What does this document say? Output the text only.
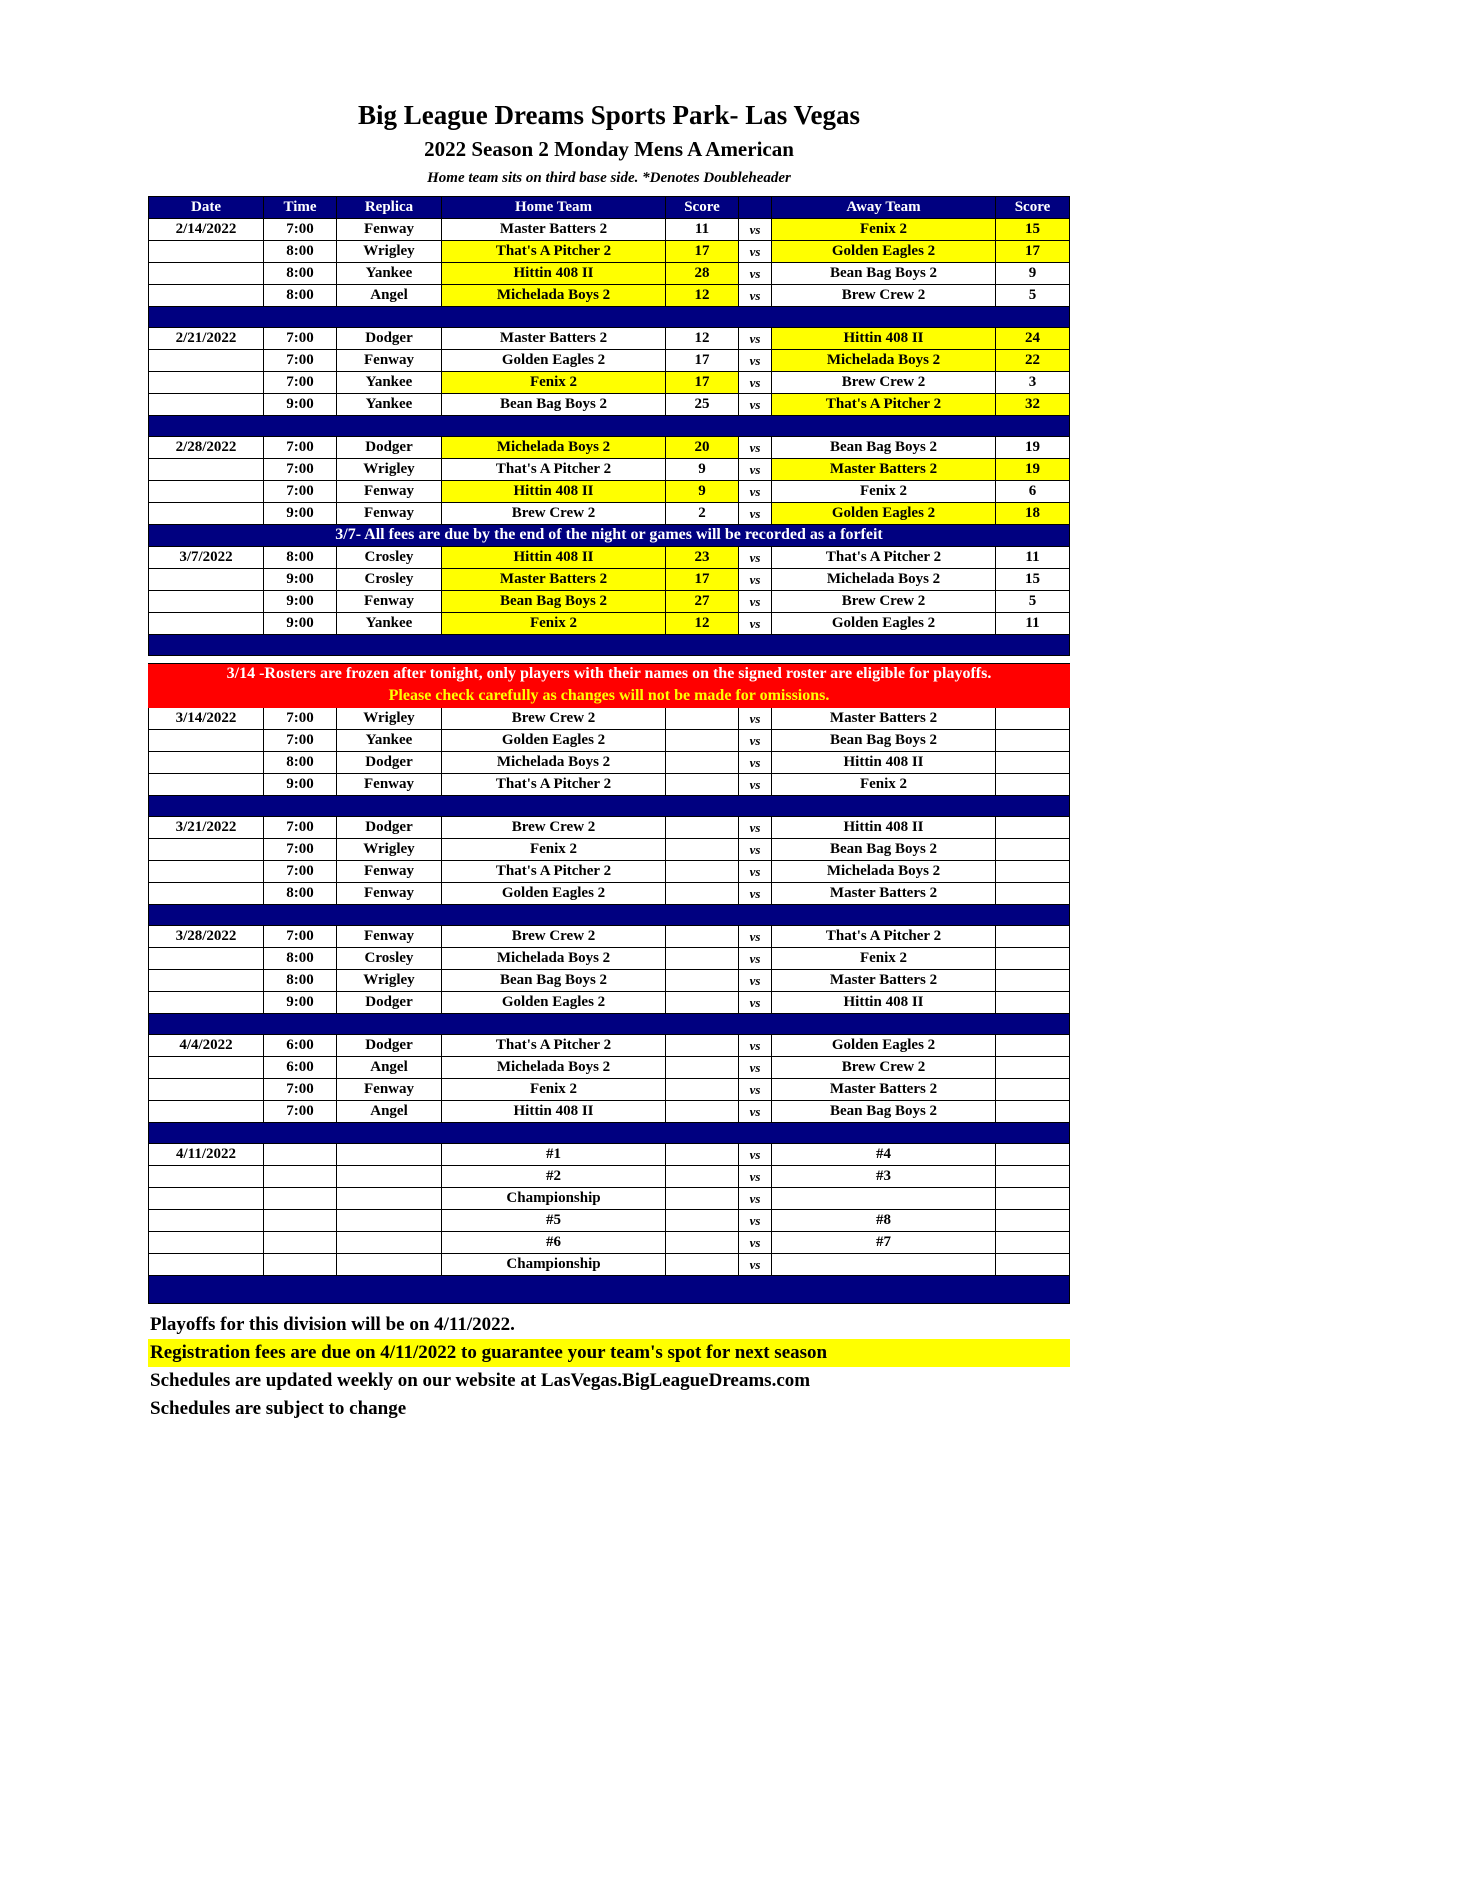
Big League Dreams Sports Park- Las Vegas
2022 Season 2 Monday Mens A American
Home team sits on third base side. *Denotes Doubleheader
Date	Time	Replica	Home Team	Score		Away Team	Score
2/14/2022	7:00	Fenway	Master Batters 2	11	vs	Fenix 2	15
	8:00	Wrigley	That's A Pitcher 2	17	vs	Golden Eagles 2	17
	8:00	Yankee	Hittin 408 II	28	vs	Bean Bag Boys 2	9
	8:00	Angel	Michelada Boys 2	12	vs	Brew Crew 2	5

2/21/2022	7:00	Dodger	Master Batters 2	12	vs	Hittin 408 II	24
	7:00	Fenway	Golden Eagles 2	17	vs	Michelada Boys 2	22
	7:00	Yankee	Fenix 2	17	vs	Brew Crew 2	3
	9:00	Yankee	Bean Bag Boys 2	25	vs	That's A Pitcher 2	32

2/28/2022	7:00	Dodger	Michelada Boys 2	20	vs	Bean Bag Boys 2	19
	7:00	Wrigley	That's A Pitcher 2	9	vs	Master Batters 2	19
	7:00	Fenway	Hittin 408 II	9	vs	Fenix 2	6
	9:00	Fenway	Brew Crew 2	2	vs	Golden Eagles 2	18
3/7- All fees are due by the end of the night or games will be recorded as a forfeit							
3/7/2022	8:00	Crosley	Hittin 408 II	23	vs	That's A Pitcher 2	11
	9:00	Crosley	Master Batters 2	17	vs	Michelada Boys 2	15
	9:00	Fenway	Bean Bag Boys 2	27	vs	Brew Crew 2	5
	9:00	Yankee	Fenix 2	12	vs	Golden Eagles 2	11

3/14 -Rosters are frozen after tonight, only players with their names on the signed roster are eligible for playoffs.							
Please check carefully as changes will not be made for omissions.							
3/14/2022	7:00	Wrigley	Brew Crew 2		vs	Master Batters 2	
	7:00	Yankee	Golden Eagles 2		vs	Bean Bag Boys 2	
	8:00	Dodger	Michelada Boys 2		vs	Hittin 408 II	
	9:00	Fenway	That's A Pitcher 2		vs	Fenix 2	

3/21/2022	7:00	Dodger	Brew Crew 2		vs	Hittin 408 II	
	7:00	Wrigley	Fenix 2		vs	Bean Bag Boys 2	
	7:00	Fenway	That's A Pitcher 2		vs	Michelada Boys 2	
	8:00	Fenway	Golden Eagles 2		vs	Master Batters 2	

3/28/2022	7:00	Fenway	Brew Crew 2		vs	That's A Pitcher 2	
	8:00	Crosley	Michelada Boys 2		vs	Fenix 2	
	8:00	Wrigley	Bean Bag Boys 2		vs	Master Batters 2	
	9:00	Dodger	Golden Eagles 2		vs	Hittin 408 II	

4/4/2022	6:00	Dodger	That's A Pitcher 2		vs	Golden Eagles 2	
	6:00	Angel	Michelada Boys 2		vs	Brew Crew 2	
	7:00	Fenway	Fenix 2		vs	Master Batters 2	
	7:00	Angel	Hittin 408 II		vs	Bean Bag Boys 2	

4/11/2022			#1		vs	#4	
			#2		vs	#3	
			Championship		vs		
			#5		vs	#8	
			#6		vs	#7	
			Championship		vs		

Playoffs for this division will be on 4/11/2022.
Registration fees are due on 4/11/2022 to guarantee your team's spot for next season
Schedules are updated weekly on our website at LasVegas.BigLeagueDreams.com
Schedules are subject to change
